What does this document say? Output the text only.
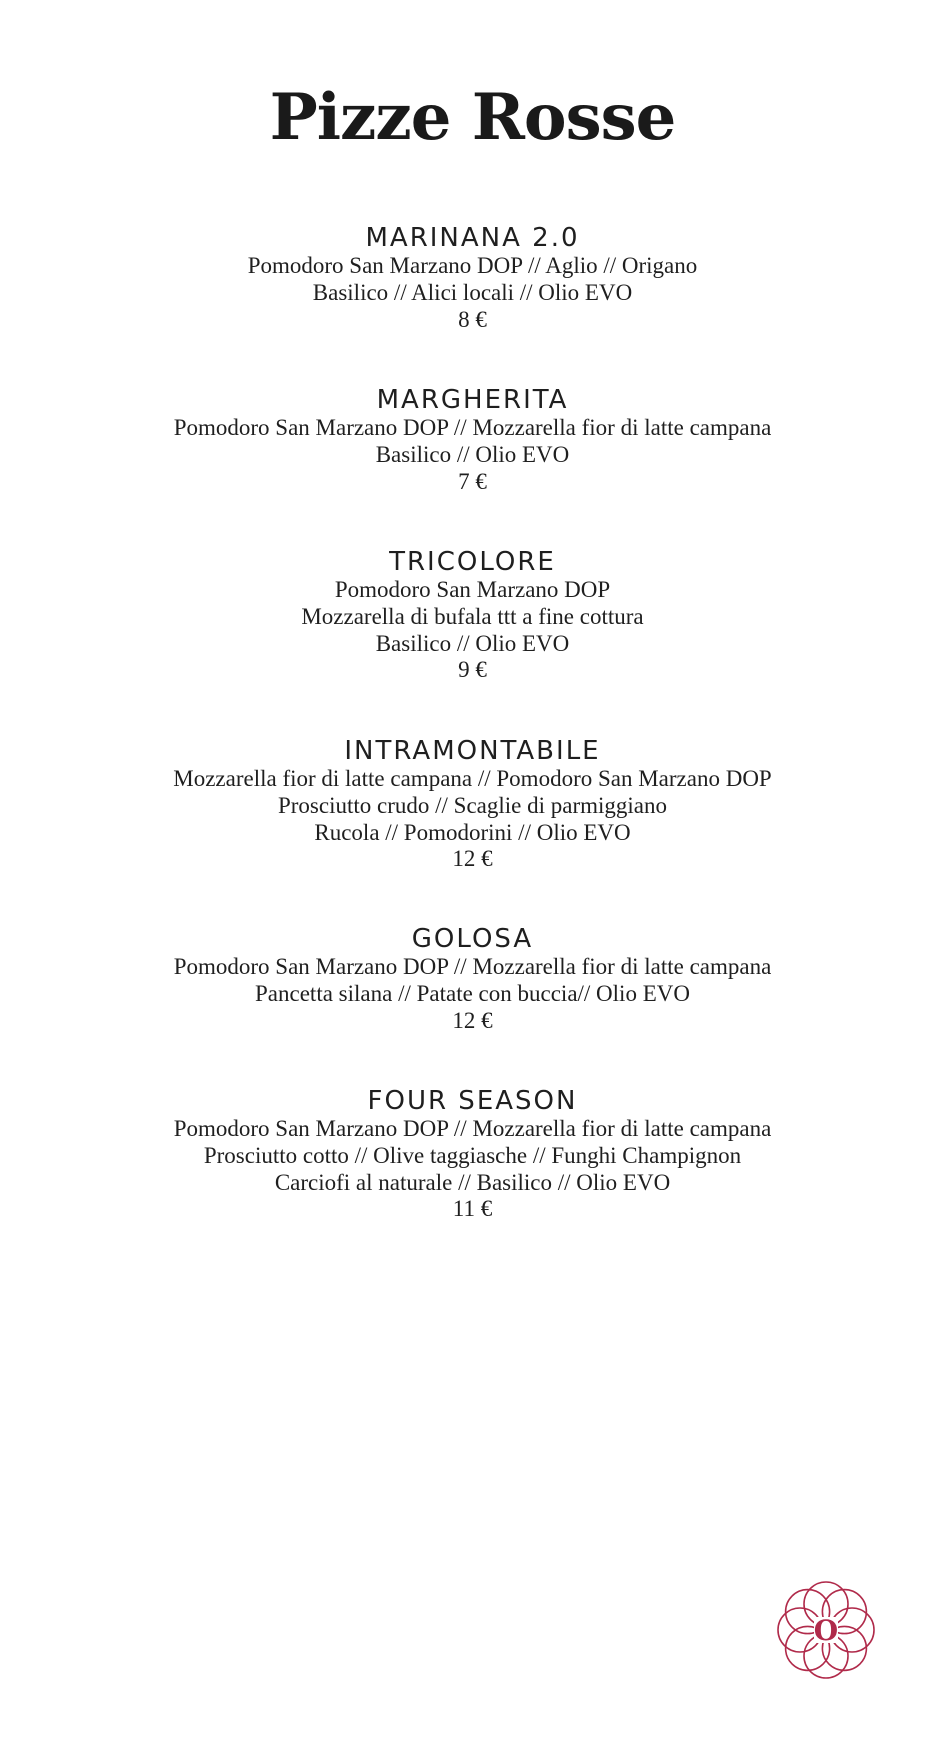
Pizze Rosse
MARINANA 2.0
Pomodoro San Marzano DOP // Aglio // Origano
Basilico // Alici locali // Olio EVO
8 €
MARGHERITA
Pomodoro San Marzano DOP // Mozzarella fior di latte campana
Basilico // Olio EVO
7 €
TRICOLORE
Pomodoro San Marzano DOP
Mozzarella di bufala ttt a fine cottura
Basilico // Olio EVO
9 €
INTRAMONTABILE
Mozzarella fior di latte campana // Pomodoro San Marzano DOP
Prosciutto crudo // Scaglie di parmiggiano
Rucola // Pomodorini // Olio EVO
12 €
GOLOSA
Pomodoro San Marzano DOP // Mozzarella fior di latte campana
Pancetta silana // Patate con buccia// Olio EVO
12 €
FOUR SEASON
Pomodoro San Marzano DOP // Mozzarella fior di latte campana
Prosciutto cotto // Olive taggiasche // Funghi Champignon
Carciofi al naturale // Basilico // Olio EVO
11 €
O
